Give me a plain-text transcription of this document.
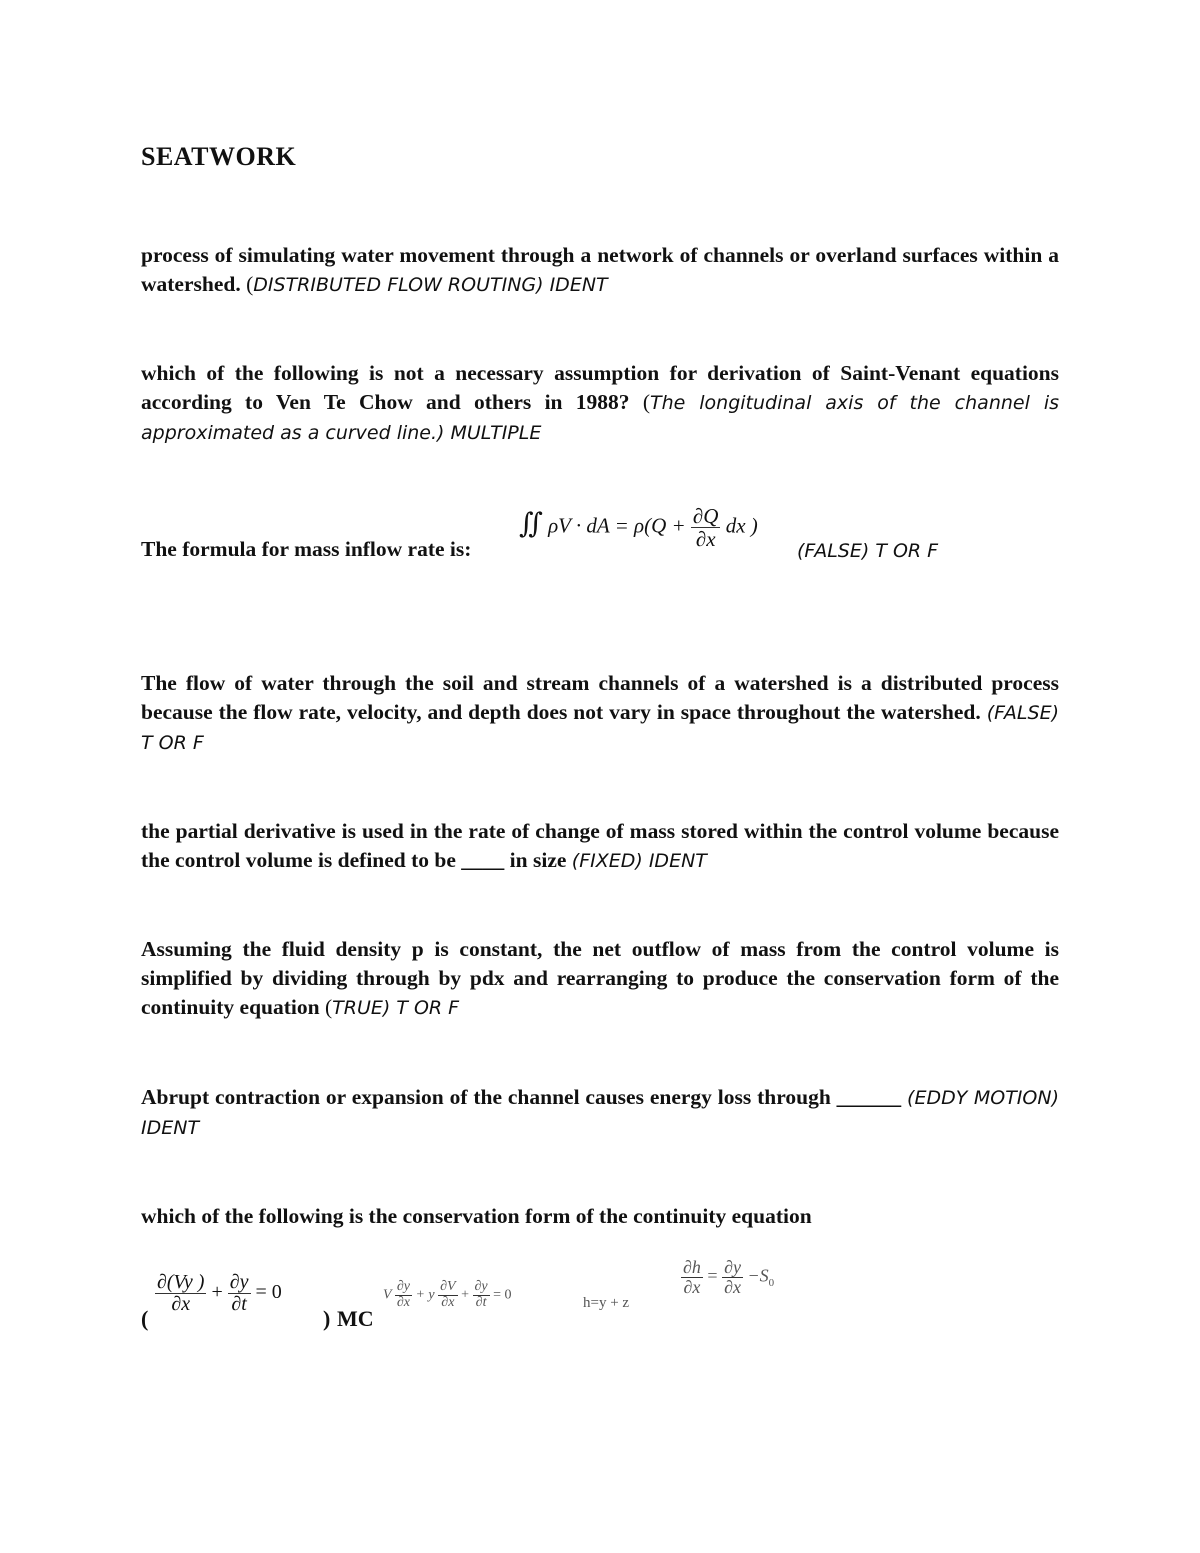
SEATWORK
process of simulating water movement through a network of channels or overland surfaces within a watershed. (DISTRIBUTED FLOW ROUTING) IDENT
which of the following is not a necessary assumption for derivation of Saint-Venant equations according to Ven Te Chow and others in 1988? (The longitudinal axis of the channel is approximated as a curved line.) MULTIPLE
The formula for mass inflow rate is:
∬ ρV · dA = $\rho(Q + \frac{\partial Q}{\partial x}$ dx )
(FALSE) T OR F
The flow of water through the soil and stream channels of a watershed is a distributed process because the flow rate, velocity, and depth does not vary in space throughout the watershed. (FALSE) T OR F
the partial derivative is used in the rate of change of mass stored within the control volume because the control volume is defined to be ____ in size (FIXED) IDENT
Assuming the fluid density p is constant, the net outflow of mass from the control volume is simplified by dividing through by pdx and rearranging to produce the conservation form of the continuity equation (TRUE) T OR F
Abrupt contraction or expansion of the channel causes energy loss through ______ (EDDY MOTION) IDENT
which of the following is the conservation form of the continuity equation
(
$\frac{\partial(Vy )}{\partial x} + \frac{\partial y}{\partial t} = 0$
) MC
V $\frac{\partial y}{\partial x} + y \frac{\partial V}{\partial x} + \frac{\partial y}{\partial t} = 0$
h=y + z
$\frac{\partial h}{\partial x} = \frac{\partial y}{\partial x} -S_0$
